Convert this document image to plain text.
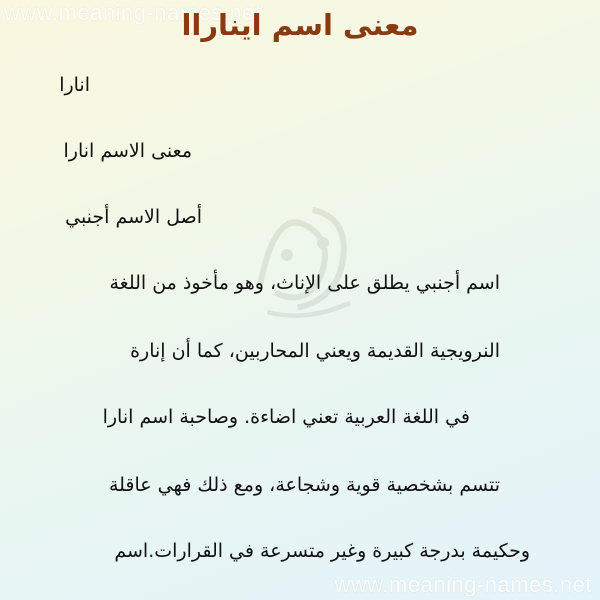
www.meaning-names.net
معنى اسم ايناراا
انارا
معنى الاسم انارا
أصل الاسم أجنبي
اسم أجنبي يطلق على الإناث، وهو مأخوذ من اللغة
النرويجية القديمة ويعني المحاربين، كما أن إنارة
في اللغة العربية تعني اضاءة. وصاحبة اسم انارا
تتسم بشخصية قوية وشجاعة، ومع ذلك فهي عاقلة
وحكيمة بدرجة كبيرة وغير متسرعة في القرارات.اسم
www.meaning-names.net
